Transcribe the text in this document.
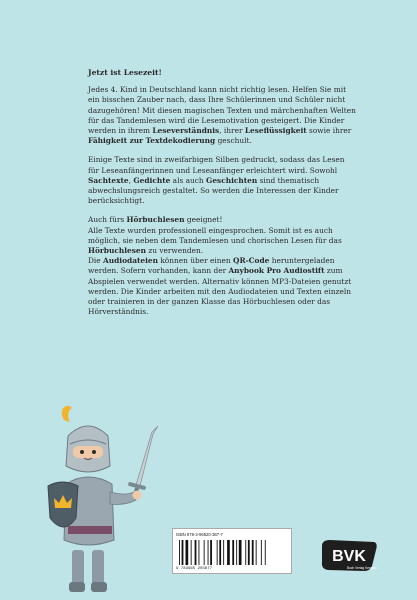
Jetzt ist Lesezeit!

Jedes 4. Kind in Deutschland kann nicht richtig lesen. Helfen Sie mit ein bisschen Zauber nach, dass Ihre Schülerinnen und Schüler nicht dazugehören! Mit diesen magischen Texten und märchenhaften Welten für das Tandemlesen wird die Lesemotivation gesteigert. Die Kinder werden in ihrem Leseverständnis, ihrer Leseflüssigkeit sowie ihrer Fähigkeit zur Textdekodierung geschult.

Einige Texte sind in zweifarbigen Silben gedruckt, sodass das Lesen für Leseanfängerinnen und Leseanfänger erleichtert wird. Sowohl Sachtexte, Gedichte als auch Geschichten sind thematisch abwechslungsreich gestaltet. So werden die Interessen der Kinder berücksichtigt.

Auch fürs Hörbuchlesen geeignet!
Alle Texte wurden professionell eingesprochen. Somit ist es auch möglich, sie neben dem Tandemlesen und chorischen Lesen für das Hörbuchlesen zu verwenden.
Die Audiodateien können über einen QR-Code heruntergeladen werden. Sofern vorhanden, kann der Anybook Pro Audiostift zum Abspielen verwendet werden. Alternativ können MP3-Dateien genutzt werden. Die Kinder arbeiten mit den Audiodateien und Texten einzeln oder trainieren in der ganzen Klasse das Hörbuchlesen oder das Hörverständnis.

ISBN 978-3-96520-387-7
9 783965 203877
BVK
Buch Verlag Kempen
